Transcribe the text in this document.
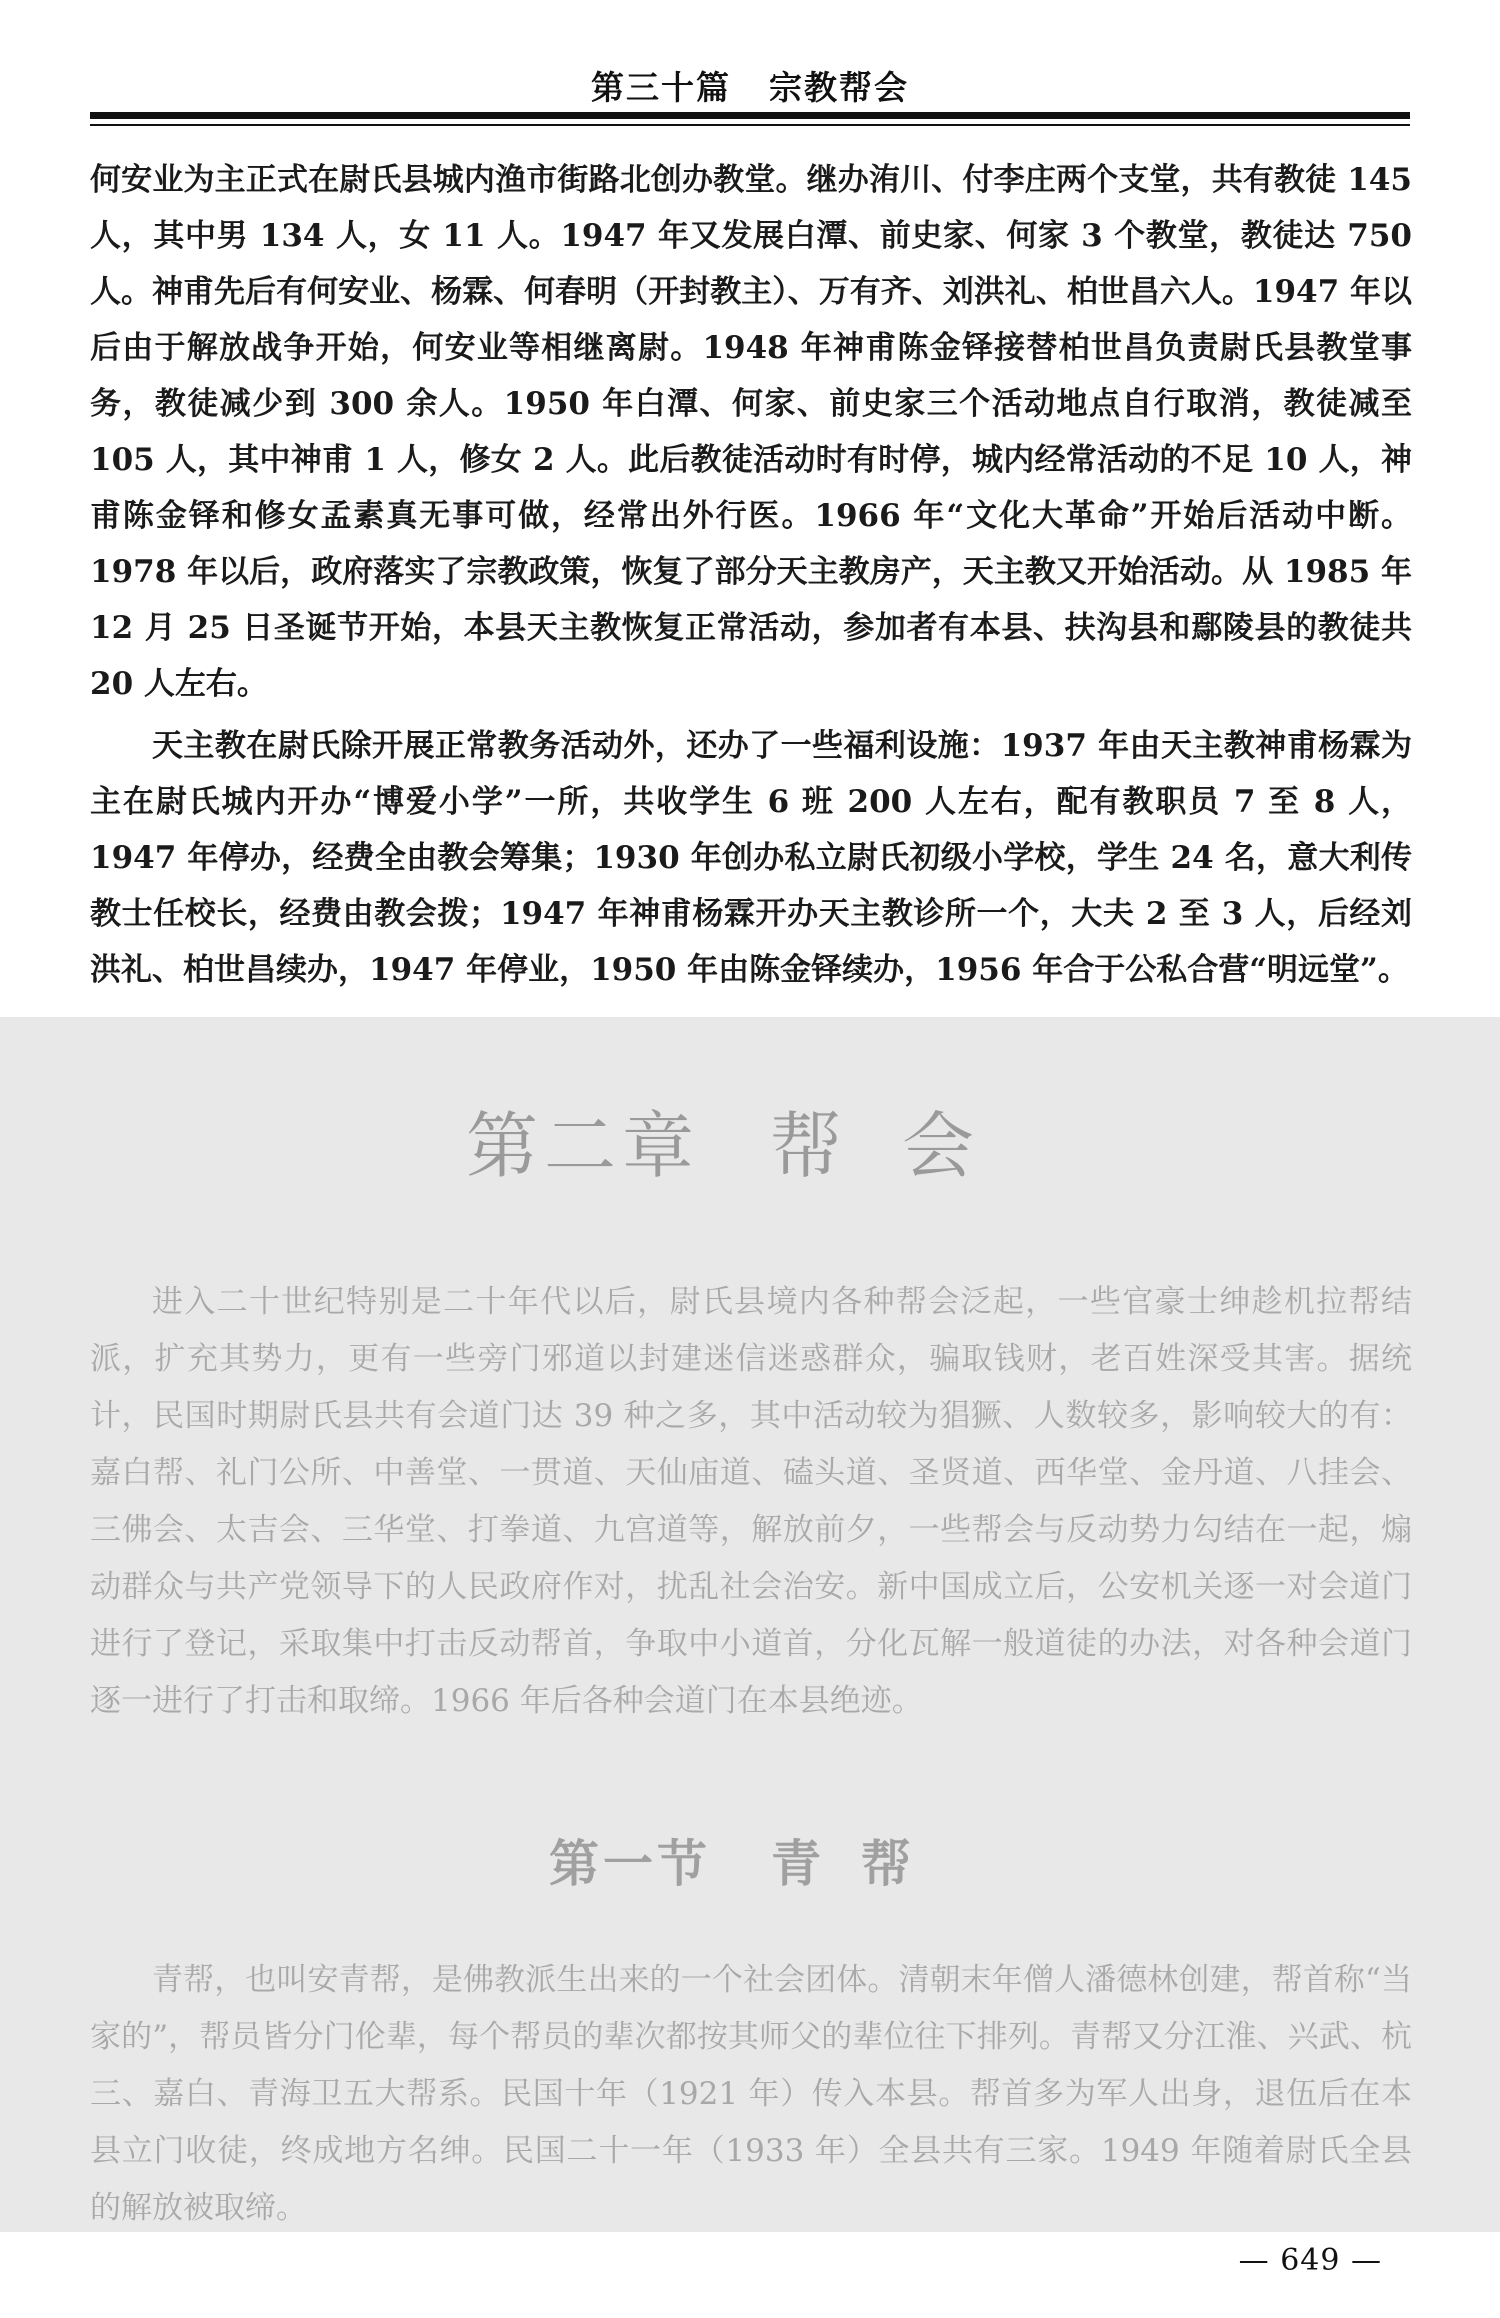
第三十篇 宗教帮会

何安业为主正式在尉氏县城内渔市街路北创办教堂。继办洧川、付李庄两个支堂，共有教徒 145 人，其中男 134 人，女 11 人。1947 年又发展白潭、前史家、何家 3 个教堂，教徒达 750 人。神甫先后有何安业、杨霖、何春明（开封教主）、万有齐、刘洪礼、柏世昌六人。1947 年以后由于解放战争开始，何安业等相继离尉。1948 年神甫陈金铎接替柏世昌负责尉氏县教堂事务，教徒减少到 300 余人。1950 年白潭、何家、前史家三个活动地点自行取消，教徒减至 105 人，其中神甫 1 人，修女 2 人。此后教徒活动时有时停，城内经常活动的不足 10 人，神甫陈金铎和修女孟素真无事可做，经常出外行医。1966 年“文化大革命”开始后活动中断。1978 年以后，政府落实了宗教政策，恢复了部分天主教房产，天主教又开始活动。从 1985 年 12 月 25 日圣诞节开始，本县天主教恢复正常活动，参加者有本县、扶沟县和鄢陵县的教徒共 20 人左右。

天主教在尉氏除开展正常教务活动外，还办了一些福利设施：1937 年由天主教神甫杨霖为主在尉氏城内开办“博爱小学”一所，共收学生 6 班 200 人左右，配有教职员 7 至 8 人，1947 年停办，经费全由教会筹集；1930 年创办私立尉氏初级小学校，学生 24 名，意大利传教士任校长，经费由教会拨；1947 年神甫杨霖开办天主教诊所一个，大夫 2 至 3 人，后经刘洪礼、柏世昌续办，1947 年停业，1950 年由陈金铎续办，1956 年合于公私合营“明远堂”。

第二章 帮会

进入二十世纪特别是二十年代以后，尉氏县境内各种帮会泛起，一些官豪士绅趁机拉帮结派，扩充其势力，更有一些旁门邪道以封建迷信迷惑群众，骗取钱财，老百姓深受其害。据统计，民国时期尉氏县共有会道门达 39 种之多，其中活动较为猖獗、人数较多，影响较大的有：嘉白帮、礼门公所、中善堂、一贯道、天仙庙道、磕头道、圣贤道、西华堂、金丹道、八挂会、三佛会、太吉会、三华堂、打拳道、九宫道等，解放前夕，一些帮会与反动势力勾结在一起，煽动群众与共产党领导下的人民政府作对，扰乱社会治安。新中国成立后，公安机关逐一对会道门进行了登记，采取集中打击反动帮首，争取中小道首，分化瓦解一般道徒的办法，对各种会道门逐一进行了打击和取缔。1966 年后各种会道门在本县绝迹。

第一节 青帮

青帮，也叫安青帮，是佛教派生出来的一个社会团体。清朝末年僧人潘德林创建，帮首称“当家的”，帮员皆分门伦辈，每个帮员的辈次都按其师父的辈位往下排列。青帮又分江淮、兴武、杭三、嘉白、青海卫五大帮系。民国十年（1921 年）传入本县。帮首多为军人出身，退伍后在本县立门收徒，终成地方名绅。民国二十一年（1933 年）全县共有三家。1949 年随着尉氏全县的解放被取缔。

— 649 —
